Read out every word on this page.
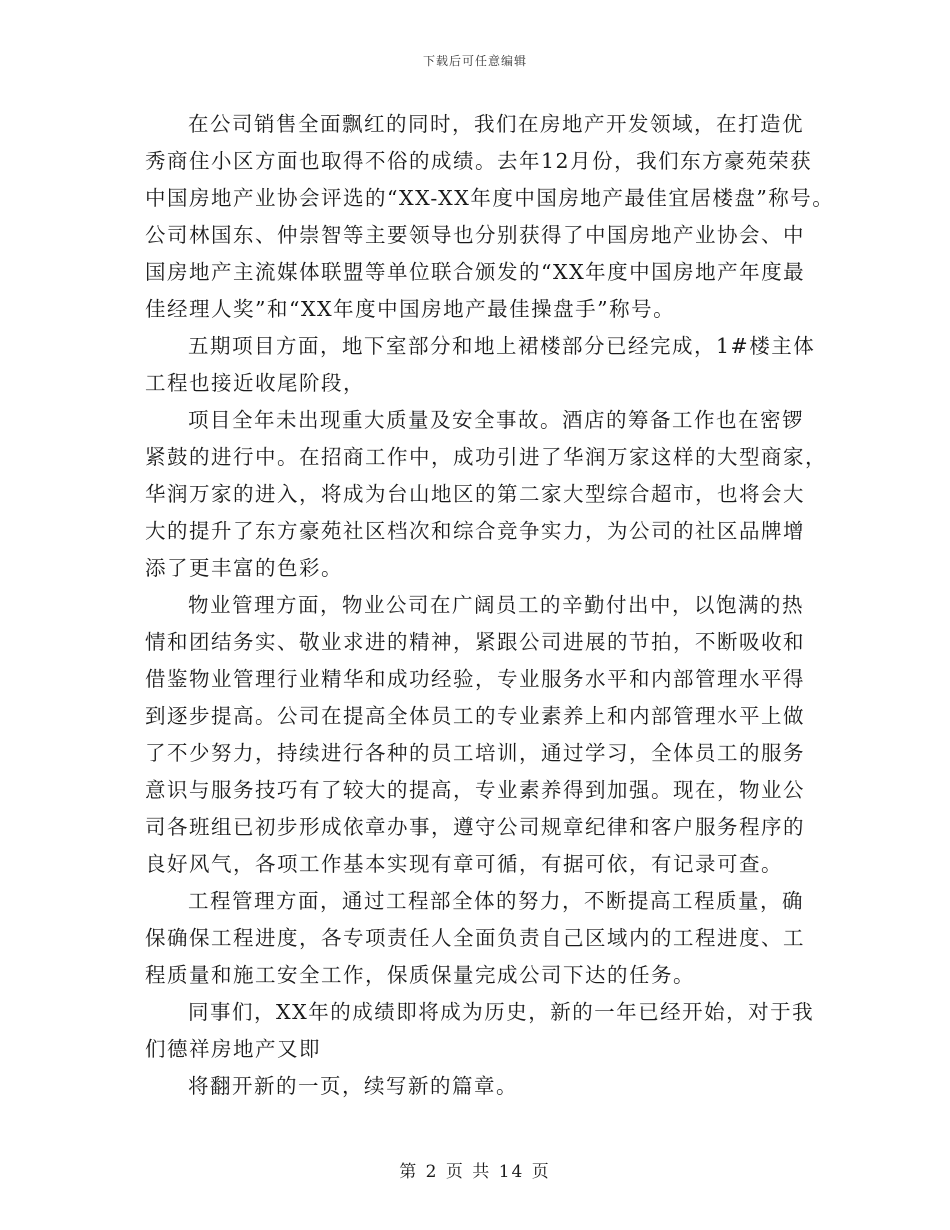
下载后可任意编辑
在公司销售全面飘红的同时，我们在房地产开发领域，在打造优
秀商住小区方面也取得不俗的成绩。去年12月份，我们东方豪苑荣获
中国房地产业协会评选的“XX-XX年度中国房地产最佳宜居楼盘”称号。
公司林国东、仲崇智等主要领导也分别获得了中国房地产业协会、中
国房地产主流媒体联盟等单位联合颁发的“XX年度中国房地产年度最
佳经理人奖”和“XX年度中国房地产最佳操盘手”称号。
五期项目方面，地下室部分和地上裙楼部分已经完成，1#楼主体
工程也接近收尾阶段，
项目全年未出现重大质量及安全事故。酒店的筹备工作也在密锣
紧鼓的进行中。在招商工作中，成功引进了华润万家这样的大型商家，
华润万家的进入，将成为台山地区的第二家大型综合超市，也将会大
大的提升了东方豪苑社区档次和综合竞争实力，为公司的社区品牌增
添了更丰富的色彩。
物业管理方面，物业公司在广阔员工的辛勤付出中，以饱满的热
情和团结务实、敬业求进的精神，紧跟公司进展的节拍，不断吸收和
借鉴物业管理行业精华和成功经验，专业服务水平和内部管理水平得
到逐步提高。公司在提高全体员工的专业素养上和内部管理水平上做
了不少努力，持续进行各种的员工培训，通过学习，全体员工的服务
意识与服务技巧有了较大的提高，专业素养得到加强。现在，物业公
司各班组已初步形成依章办事，遵守公司规章纪律和客户服务程序的
良好风气，各项工作基本实现有章可循，有据可依，有记录可查。
工程管理方面，通过工程部全体的努力，不断提高工程质量，确
保确保工程进度，各专项责任人全面负责自己区域内的工程进度、工
程质量和施工安全工作，保质保量完成公司下达的任务。
同事们，XX年的成绩即将成为历史，新的一年已经开始，对于我
们德祥房地产又即
将翻开新的一页，续写新的篇章。
第 2 页 共 14 页
